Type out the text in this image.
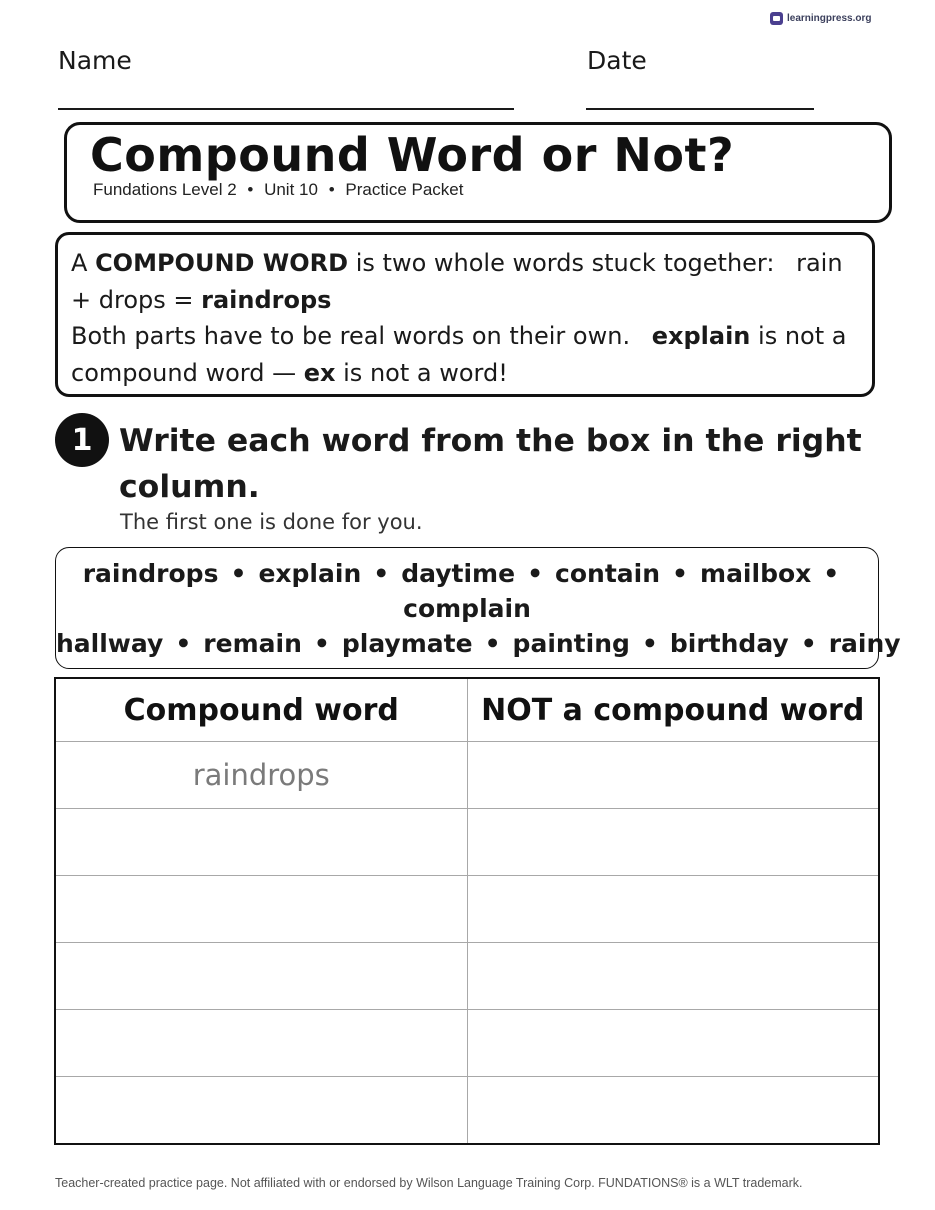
learningpress.org
Name	Date
Compound Word or Not?
Fundations Level 2 • Unit 10 • Practice Packet
A COMPOUND WORD is two whole words stuck together: rain + drops = raindrops
Both parts have to be real words on their own. explain is not a compound word — ex is not a word!
1 Write each word from the box in the right column.
The first one is done for you.
raindrops • explain • daytime • contain • mailbox • complain
hallway • remain • playmate • painting • birthday • rainy
Compound word	NOT a compound word
raindrops	

Teacher-created practice page. Not affiliated with or endorsed by Wilson Language Training Corp. FUNDATIONS® is a WLT trademark.
